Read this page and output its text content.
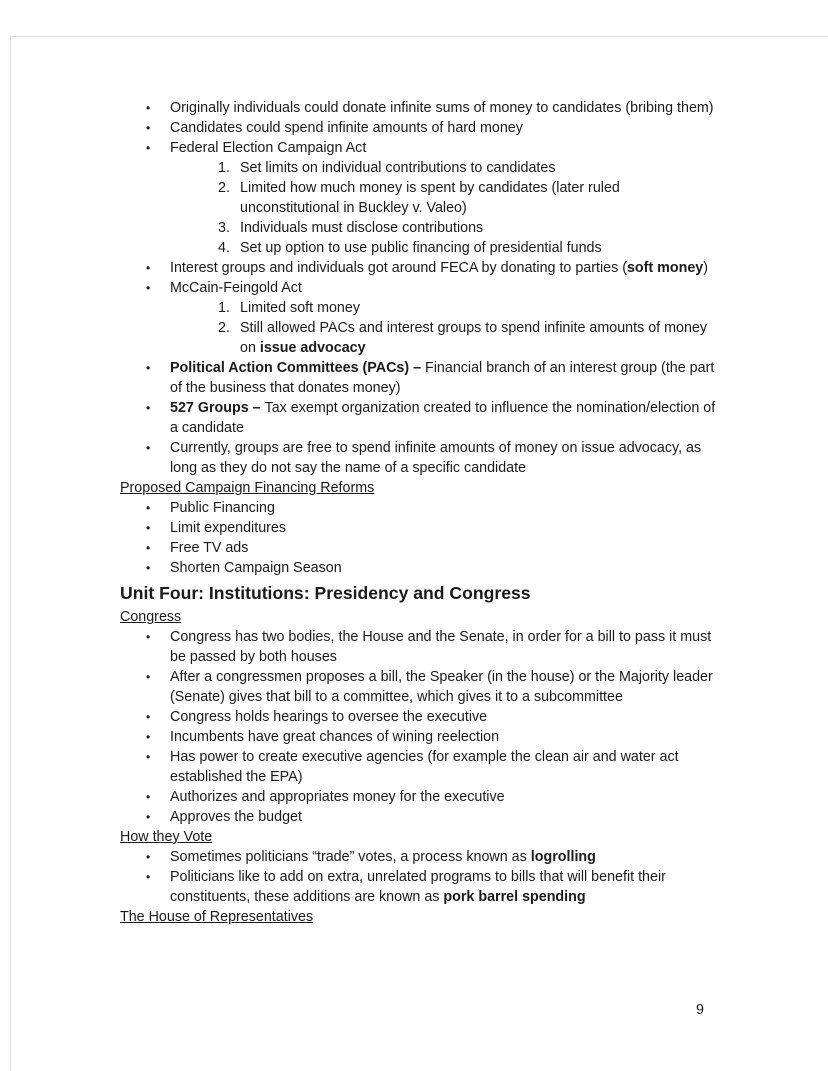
•	Originally individuals could donate infinite sums of money to candidates (bribing them)
•	Candidates could spend infinite amounts of hard money
•	Federal Election Campaign Act
1. Set limits on individual contributions to candidates
2. Limited how much money is spent by candidates (later ruled unconstitutional in Buckley v. Valeo)
3. Individuals must disclose contributions
4. Set up option to use public financing of presidential funds
•	Interest groups and individuals got around FECA by donating to parties (soft money)
•	McCain-Feingold Act
1. Limited soft money
2. Still allowed PACs and interest groups to spend infinite amounts of money on issue advocacy
•	Political Action Committees (PACs) – Financial branch of an interest group (the part of the business that donates money)
•	527 Groups – Tax exempt organization created to influence the nomination/election of a candidate
•	Currently, groups are free to spend infinite amounts of money on issue advocacy, as long as they do not say the name of a specific candidate
Proposed Campaign Financing Reforms
•	Public Financing
•	Limit expenditures
•	Free TV ads
•	Shorten Campaign Season
Unit Four: Institutions: Presidency and Congress
Congress
•	Congress has two bodies, the House and the Senate, in order for a bill to pass it must be passed by both houses
•	After a congressmen proposes a bill, the Speaker (in the house) or the Majority leader (Senate) gives that bill to a committee, which gives it to a subcommittee
•	Congress holds hearings to oversee the executive
•	Incumbents have great chances of wining reelection
•	Has power to create executive agencies (for example the clean air and water act established the EPA)
•	Authorizes and appropriates money for the executive
•	Approves the budget
How they Vote
•	Sometimes politicians “trade” votes, a process known as logrolling
•	Politicians like to add on extra, unrelated programs to bills that will benefit their constituents, these additions are known as pork barrel spending
The House of Representatives
9
